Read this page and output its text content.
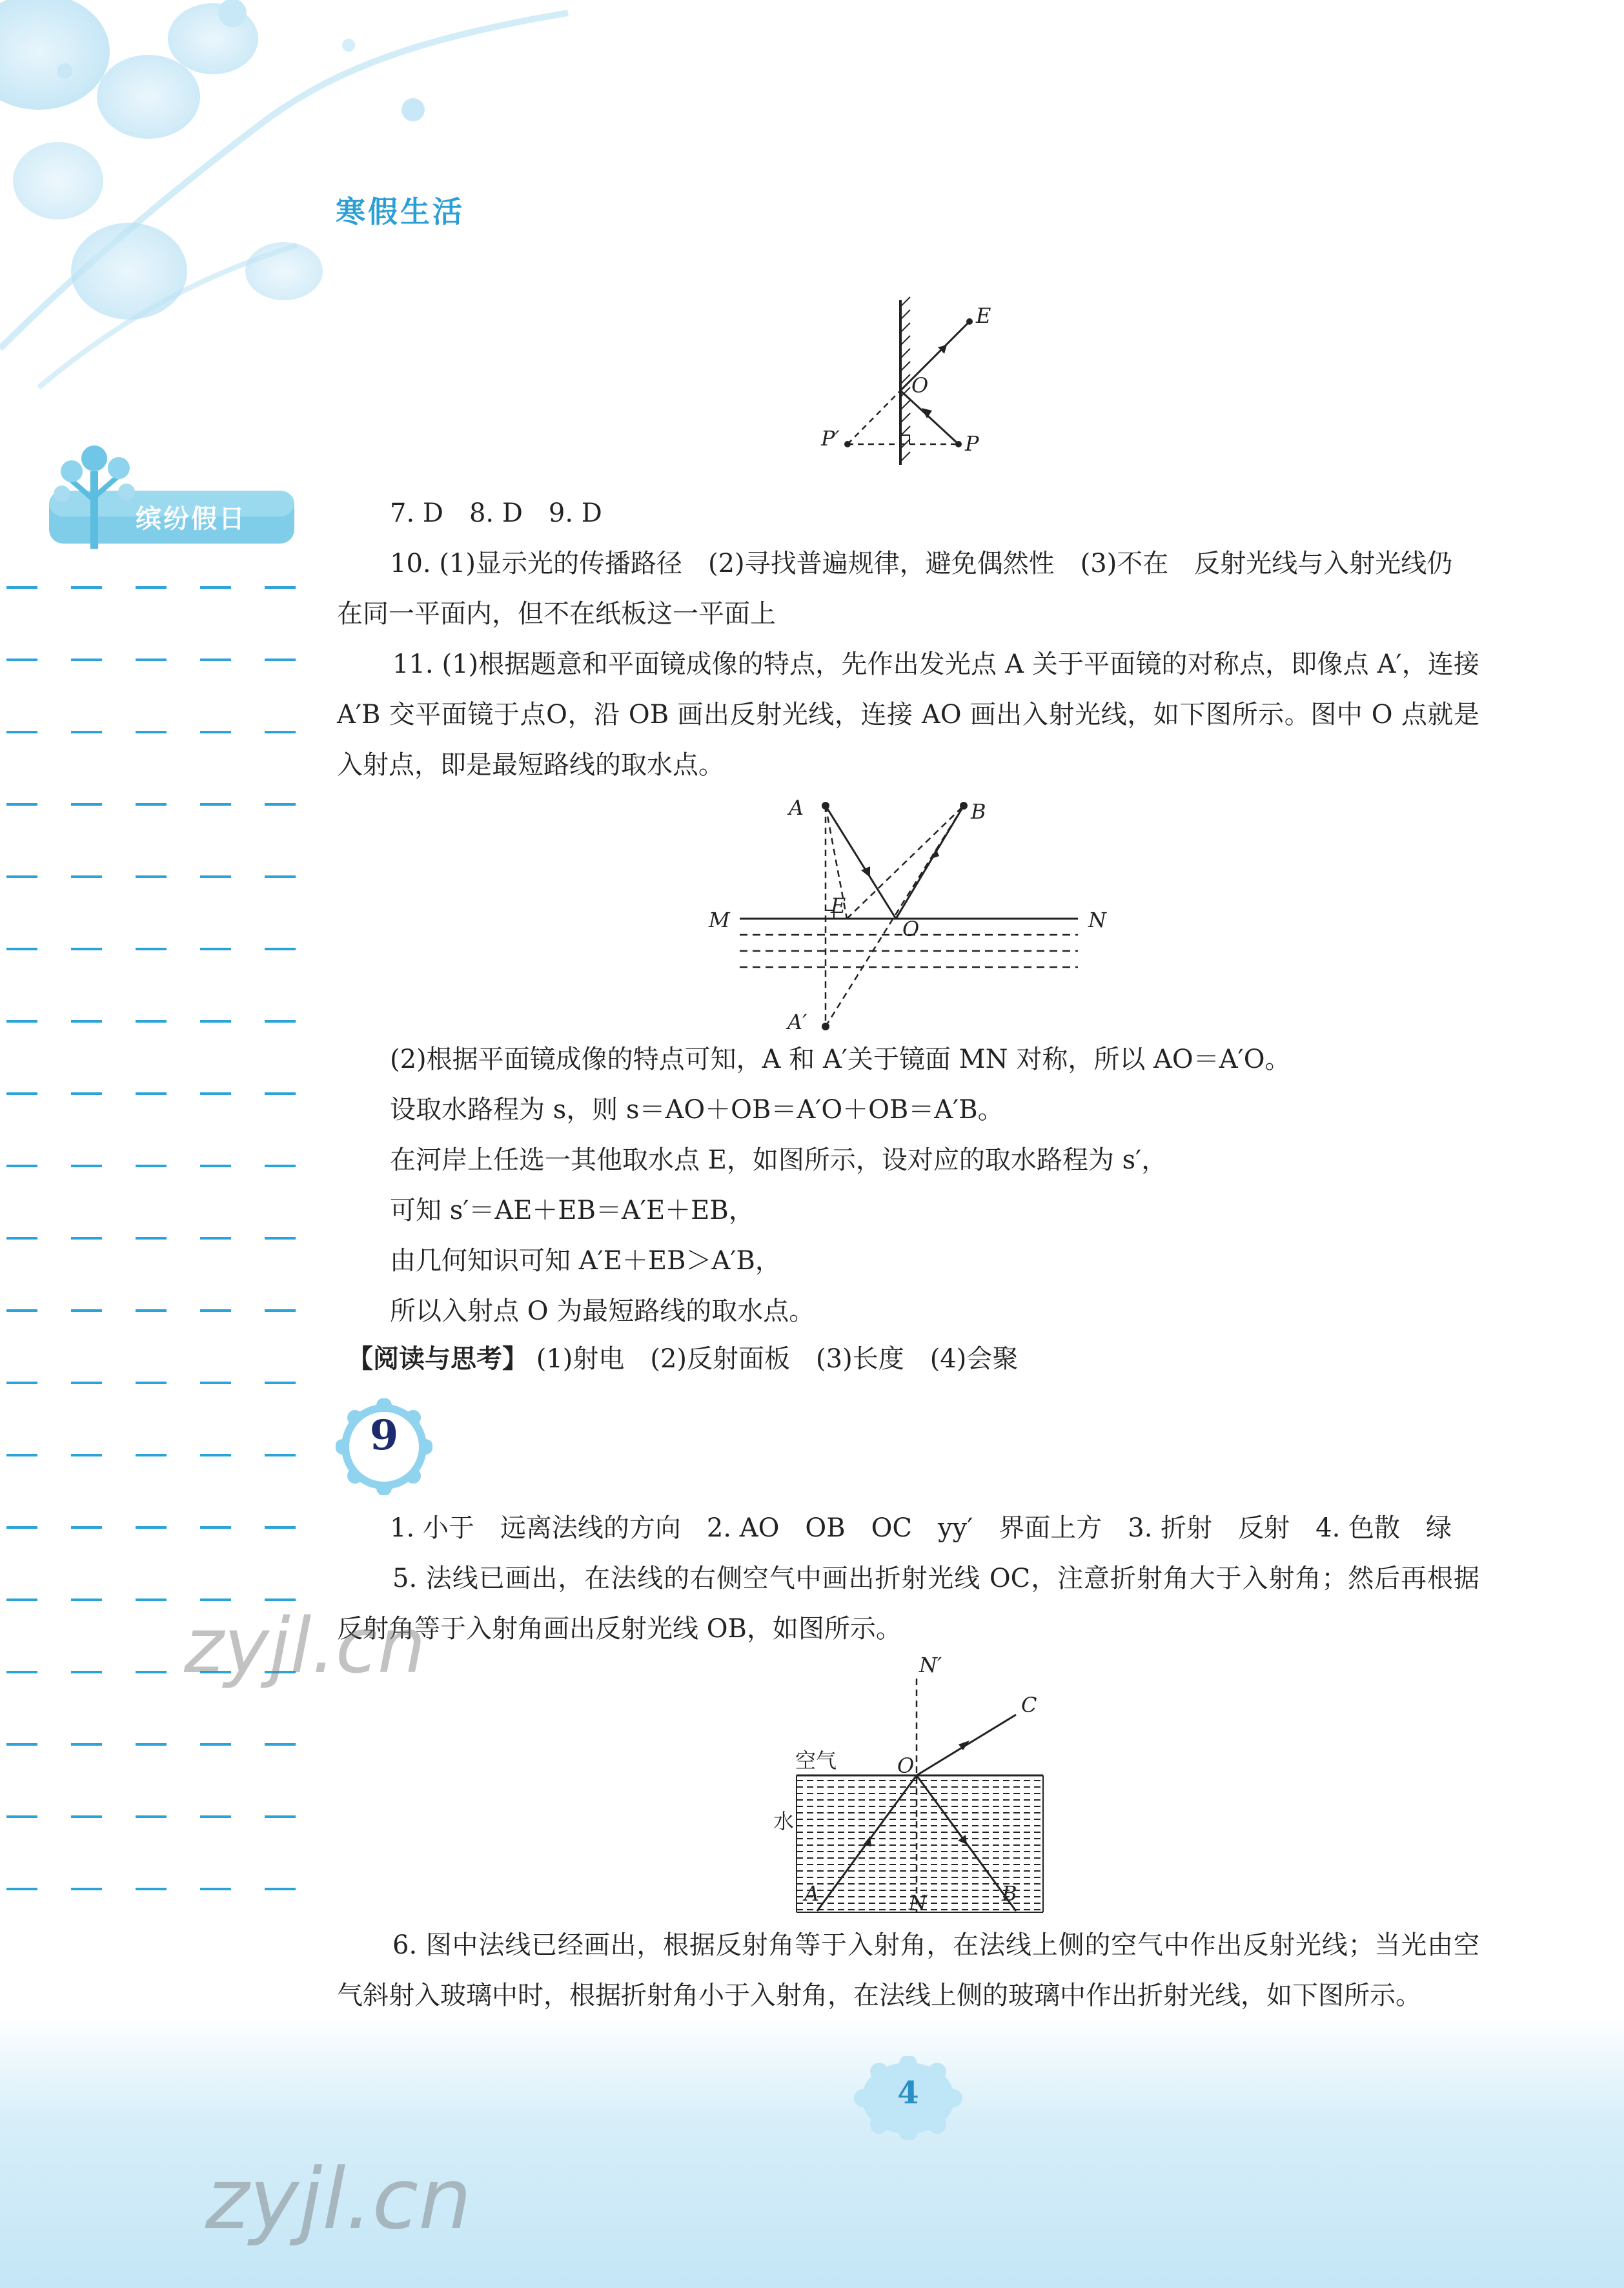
寒假生活
缤纷假日
E
O
P′	P
7. D　8. D　9. D
10. (1)显示光的传播路径　(2)寻找普遍规律，避免偶然性　(3)不在　反射光线与入射光线仍
在同一平面内，但不在纸板这一平面上
11. (1)根据题意和平面镜成像的特点，先作出发光点 A 关于平面镜的对称点，即像点 A′，连接 A′B 交平面镜于点O，沿 OB 画出反射光线，连接 AO 画出入射光线，如下图所示。图中 O 点就是入射点，即是最短路线的取水点。
A	B
E
M	O	N
A′
(2)根据平面镜成像的特点可知，A 和 A′关于镜面 MN 对称，所以 AO＝A′O。
设取水路程为 s，则 s＝AO＋OB＝A′O＋OB＝A′B。
在河岸上任选一其他取水点 E，如图所示，设对应的取水路程为 s′，
可知 s′＝AE＋EB＝A′E＋EB，
由几何知识可知 A′E＋EB＞A′B，
所以入射点 O 为最短路线的取水点。
【阅读与思考】 (1)射电　(2)反射面板　(3)长度　(4)会聚
9
1. 小于　远离法线的方向　2. AO　OB　OC　yy′　界面上方　3. 折射　反射　4. 色散　绿
5. 法线已画出，在法线的右侧空气中画出折射光线 OC，注意折射角大于入射角；然后再根据反射角等于入射角画出反射光线 OB，如图所示。
N′
C
空气	O
水
A	N	B
6. 图中法线已经画出，根据反射角等于入射角，在法线上侧的空气中作出反射光线；当光由空气斜射入玻璃中时，根据折射角小于入射角，在法线上侧的玻璃中作出折射光线，如下图所示。
4
zyjl.cn
zyjl.cn
